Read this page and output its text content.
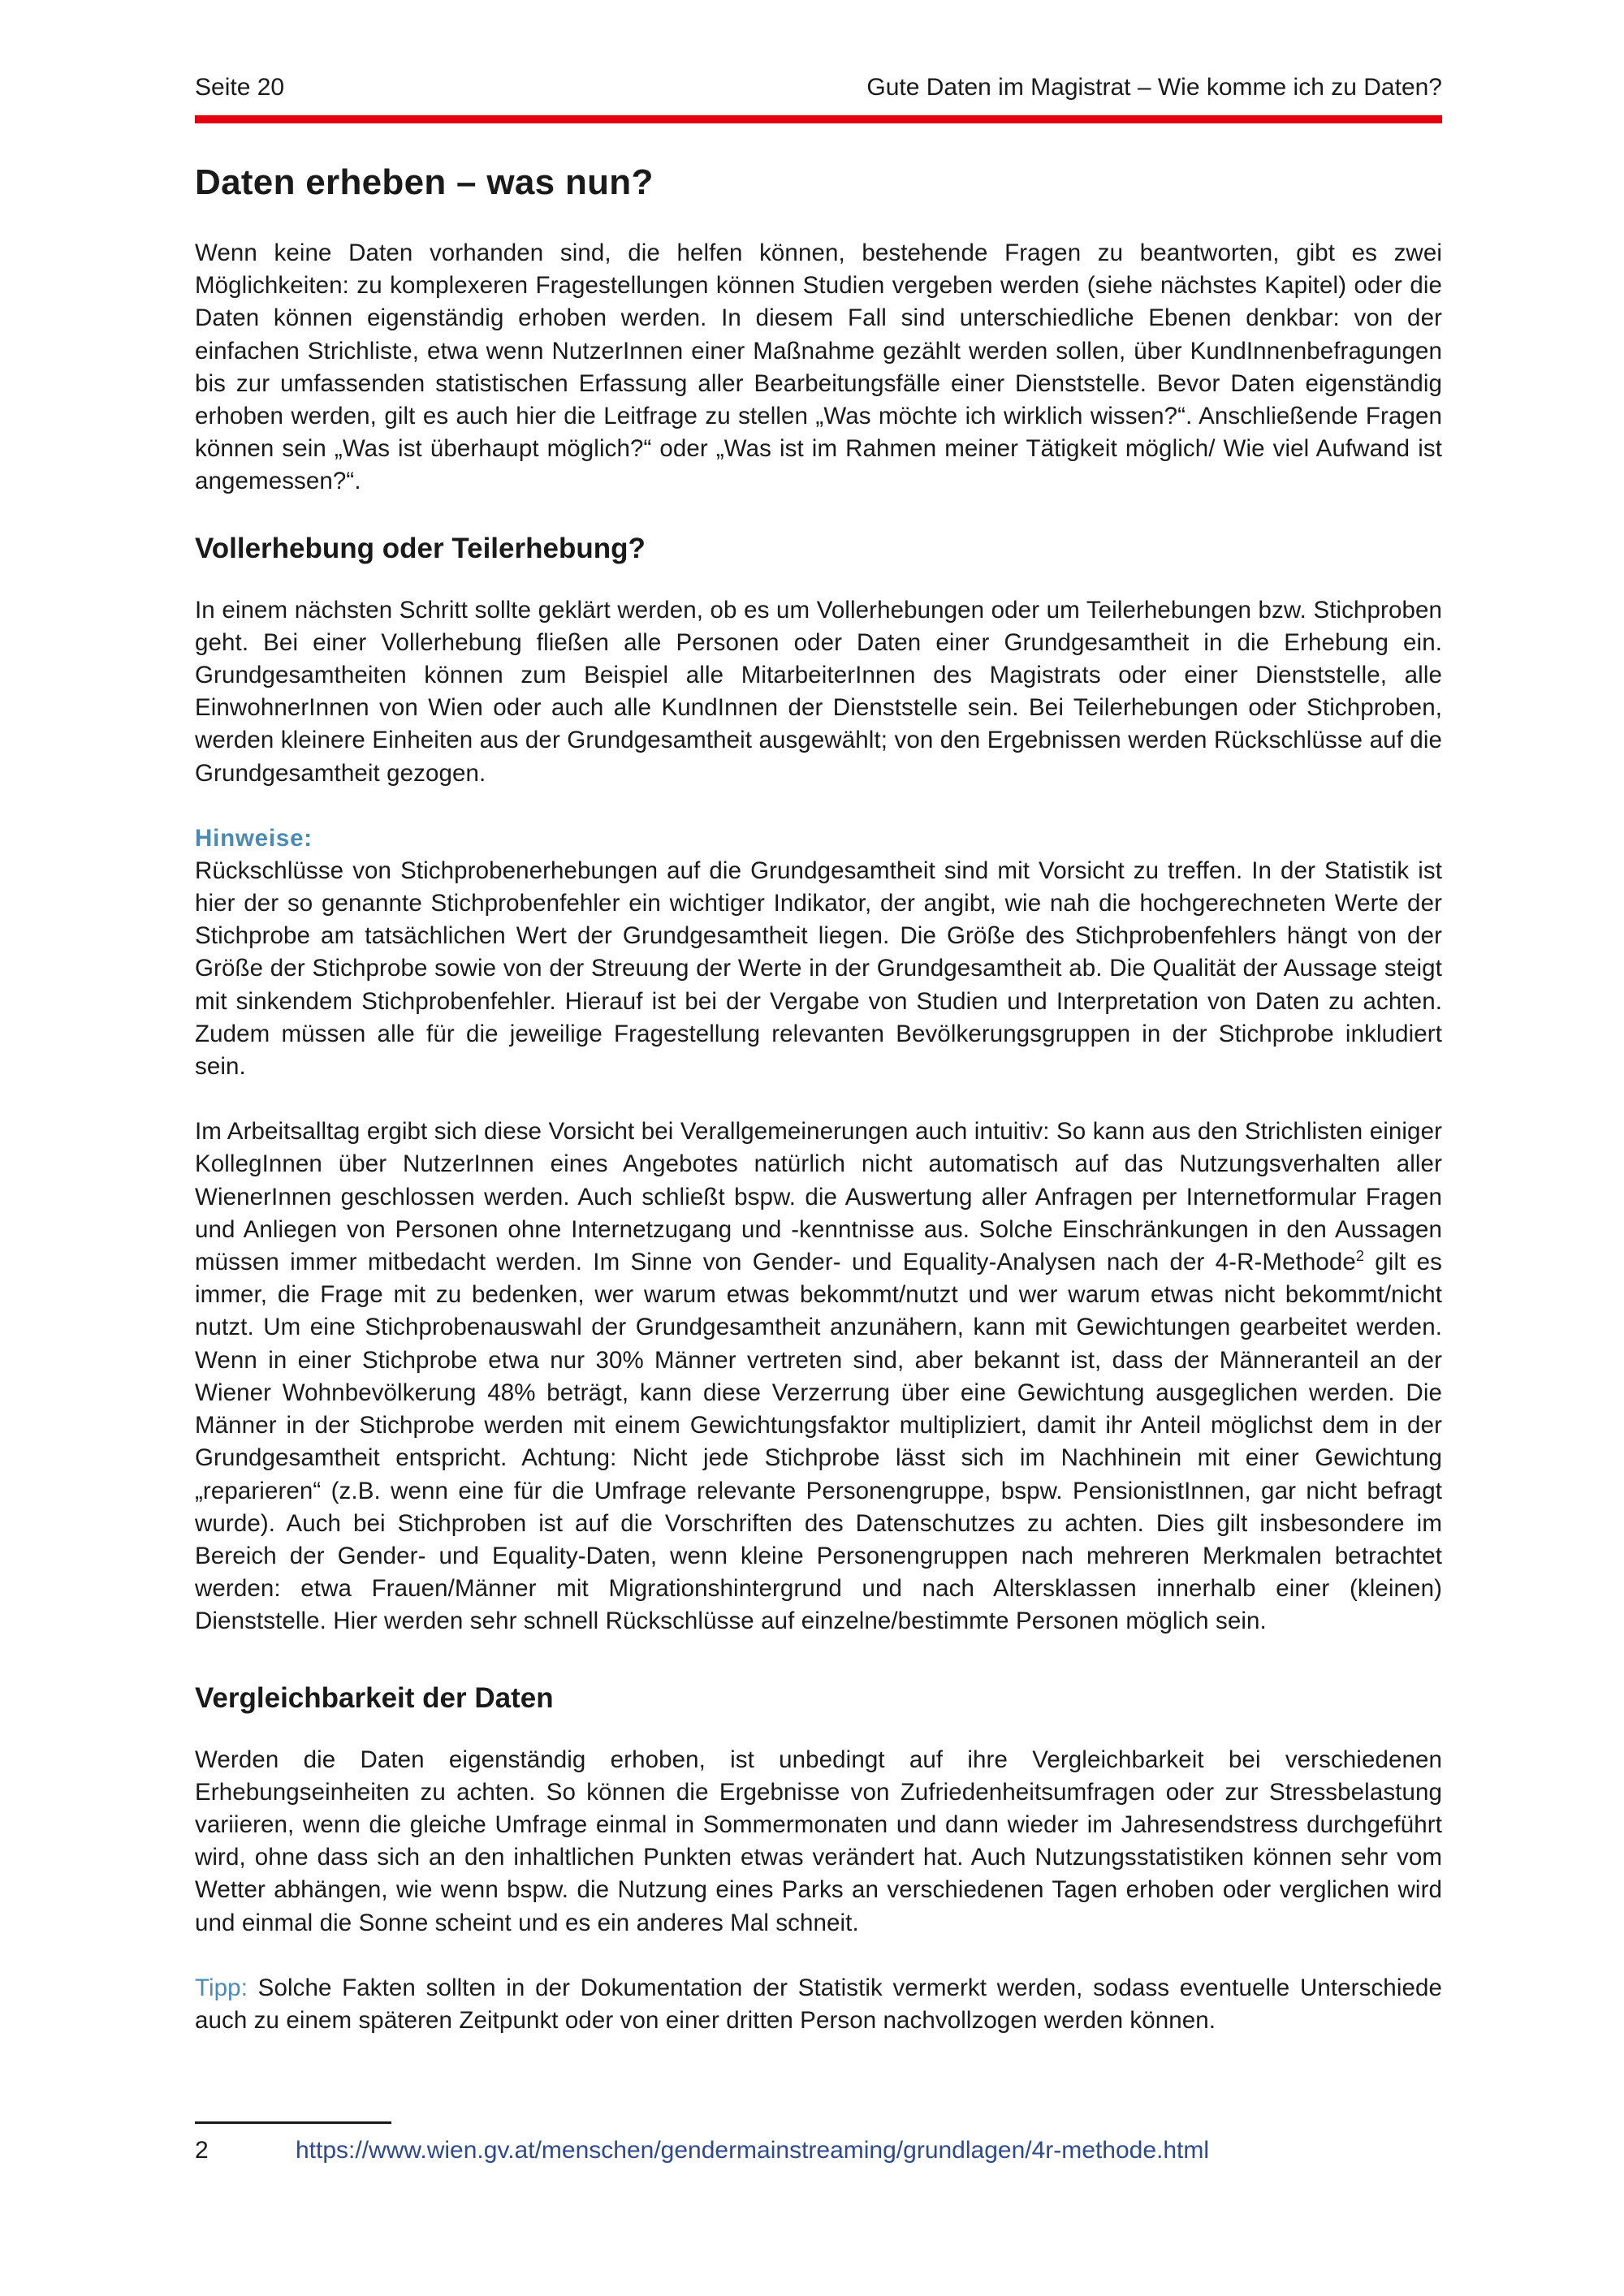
Seite 20	Gute Daten im Magistrat – Wie komme ich zu Daten?
Daten erheben – was nun?

Wenn keine Daten vorhanden sind, die helfen können, bestehende Fragen zu beantworten, gibt es zwei Möglichkeiten: zu komplexeren Fragestellungen können Studien vergeben werden (siehe nächstes Kapitel) oder die Daten können eigenständig erhoben werden. In diesem Fall sind unterschiedliche Ebenen denkbar: von der einfachen Strichliste, etwa wenn NutzerInnen einer Maßnahme gezählt werden sollen, über KundInnenbefragungen bis zur umfassenden statistischen Erfassung aller Bearbeitungsfälle einer Dienststelle. Bevor Daten eigenständig erhoben werden, gilt es auch hier die Leitfrage zu stellen „Was möchte ich wirklich wissen?“. Anschließende Fragen können sein „Was ist überhaupt möglich?“ oder „Was ist im Rahmen meiner Tätigkeit möglich/ Wie viel Aufwand ist angemessen?“.

Vollerhebung oder Teilerhebung?

In einem nächsten Schritt sollte geklärt werden, ob es um Vollerhebungen oder um Teilerhebungen bzw. Stichproben geht. Bei einer Vollerhebung fließen alle Personen oder Daten einer Grundgesamtheit in die Erhebung ein. Grundgesamtheiten können zum Beispiel alle MitarbeiterInnen des Magistrats oder einer Dienststelle, alle EinwohnerInnen von Wien oder auch alle KundInnen der Dienststelle sein. Bei Teilerhebungen oder Stichproben, werden kleinere Einheiten aus der Grundgesamtheit ausgewählt; von den Ergebnissen werden Rückschlüsse auf die Grundgesamtheit gezogen.

Hinweise:

Rückschlüsse von Stichprobenerhebungen auf die Grundgesamtheit sind mit Vorsicht zu treffen. In der Statistik ist hier der so genannte Stichprobenfehler ein wichtiger Indikator, der angibt, wie nah die hochgerechneten Werte der Stichprobe am tatsächlichen Wert der Grundgesamtheit liegen. Die Größe des Stichprobenfehlers hängt von der Größe der Stichprobe sowie von der Streuung der Werte in der Grundgesamtheit ab. Die Qualität der Aussage steigt mit sinkendem Stichprobenfehler. Hierauf ist bei der Vergabe von Studien und Interpretation von Daten zu achten. Zudem müssen alle für die jeweilige Fragestellung relevanten Bevölkerungsgruppen in der Stichprobe inkludiert sein.

Im Arbeitsalltag ergibt sich diese Vorsicht bei Verallgemeinerungen auch intuitiv: So kann aus den Strichlisten einiger KollegInnen über NutzerInnen eines Angebotes natürlich nicht automatisch auf das Nutzungsverhalten aller WienerInnen geschlossen werden. Auch schließt bspw. die Auswertung aller Anfragen per Internetformular Fragen und Anliegen von Personen ohne Internetzugang und -kenntnisse aus. Solche Einschränkungen in den Aussagen müssen immer mitbedacht werden. Im Sinne von Gender- und Equality-Analysen nach der 4-R-Methode$^2$ gilt es immer, die Frage mit zu bedenken, wer warum etwas bekommt/nutzt und wer warum etwas nicht bekommt/nicht nutzt. Um eine Stichprobenauswahl der Grundgesamtheit anzunähern, kann mit Gewichtungen gearbeitet werden. Wenn in einer Stichprobe etwa nur 30% Männer vertreten sind, aber bekannt ist, dass der Männeranteil an der Wiener Wohnbevölkerung 48% beträgt, kann diese Verzerrung über eine Gewichtung ausgeglichen werden. Die Männer in der Stichprobe werden mit einem Gewichtungsfaktor multipliziert, damit ihr Anteil möglichst dem in der Grundgesamtheit entspricht. Achtung: Nicht jede Stichprobe lässt sich im Nachhinein mit einer Gewichtung „reparieren“ (z.B. wenn eine für die Umfrage relevante Personengruppe, bspw. PensionistInnen, gar nicht befragt wurde). Auch bei Stichproben ist auf die Vorschriften des Datenschutzes zu achten. Dies gilt insbesondere im Bereich der Gender- und Equality-Daten, wenn kleine Personengruppen nach mehreren Merkmalen betrachtet werden: etwa Frauen/Männer mit Migrationshintergrund und nach Altersklassen innerhalb einer (kleinen) Dienststelle. Hier werden sehr schnell Rückschlüsse auf einzelne/bestimmte Personen möglich sein.

Vergleichbarkeit der Daten

Werden die Daten eigenständig erhoben, ist unbedingt auf ihre Vergleichbarkeit bei verschiedenen Erhebungseinheiten zu achten. So können die Ergebnisse von Zufriedenheitsumfragen oder zur Stressbelastung variieren, wenn die gleiche Umfrage einmal in Sommermonaten und dann wieder im Jahresendstress durchgeführt wird, ohne dass sich an den inhaltlichen Punkten etwas verändert hat. Auch Nutzungsstatistiken können sehr vom Wetter abhängen, wie wenn bspw. die Nutzung eines Parks an verschiedenen Tagen erhoben oder verglichen wird und einmal die Sonne scheint und es ein anderes Mal schneit.

Tipp: Solche Fakten sollten in der Dokumentation der Statistik vermerkt werden, sodass eventuelle Unterschiede auch zu einem späteren Zeitpunkt oder von einer dritten Person nachvollzogen werden können.

2	https://www.wien.gv.at/menschen/gendermainstreaming/grundlagen/4r-methode.html
